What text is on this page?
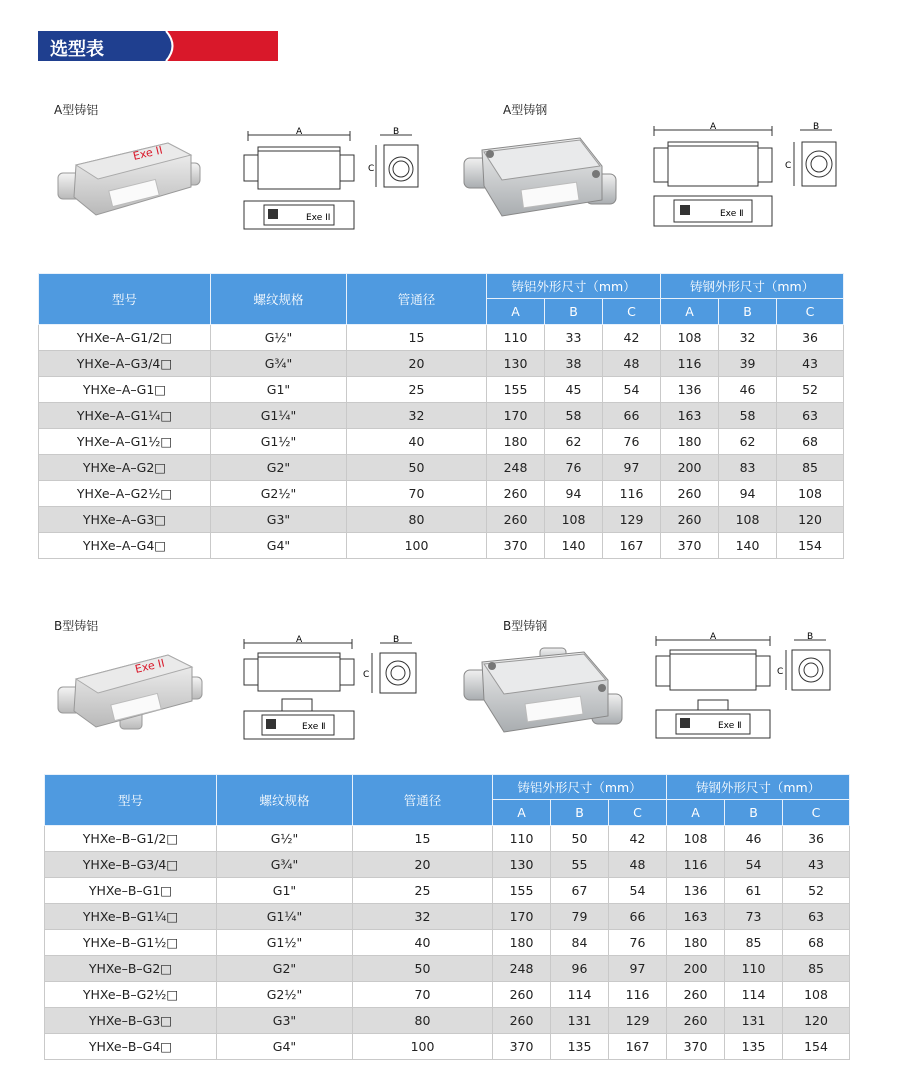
选型表
A型铸铝	A型铸钢
Exe II
A
Exe II
B
C
A
Exe Ⅱ
B
C
型号	螺纹规格	管通径	铸铝外形尺寸（mm）			铸钢外形尺寸（mm）		
			A	B	C	A	B	C
YHXe–A–G1/2□	G½"	15	110	33	42	108	32	36
YHXe–A–G3/4□	G¾"	20	130	38	48	116	39	43
YHXe–A–G1□	G1"	25	155	45	54	136	46	52
YHXe–A–G1¼□	G1¼"	32	170	58	66	163	58	63
YHXe–A–G1½□	G1½"	40	180	62	76	180	62	68
YHXe–A–G2□	G2"	50	248	76	97	200	83	85
YHXe–A–G2½□	G2½"	70	260	94	116	260	94	108
YHXe–A–G3□	G3"	80	260	108	129	260	108	120
YHXe–A–G4□	G4"	100	370	140	167	370	140	154
B型铸铝	B型铸钢
Exe II
A
Exe Ⅱ
B
C
A
Exe Ⅱ
B
C
型号	螺纹规格	管通径	铸铝外形尺寸（mm）			铸钢外形尺寸（mm）		
			A	B	C	A	B	C
YHXe–B–G1/2□	G½"	15	110	50	42	108	46	36
YHXe–B–G3/4□	G¾"	20	130	55	48	116	54	43
YHXe–B–G1□	G1"	25	155	67	54	136	61	52
YHXe–B–G1¼□	G1¼"	32	170	79	66	163	73	63
YHXe–B–G1½□	G1½"	40	180	84	76	180	85	68
YHXe–B–G2□	G2"	50	248	96	97	200	110	85
YHXe–B–G2½□	G2½"	70	260	114	116	260	114	108
YHXe–B–G3□	G3"	80	260	131	129	260	131	120
YHXe–B–G4□	G4"	100	370	135	167	370	135	154
